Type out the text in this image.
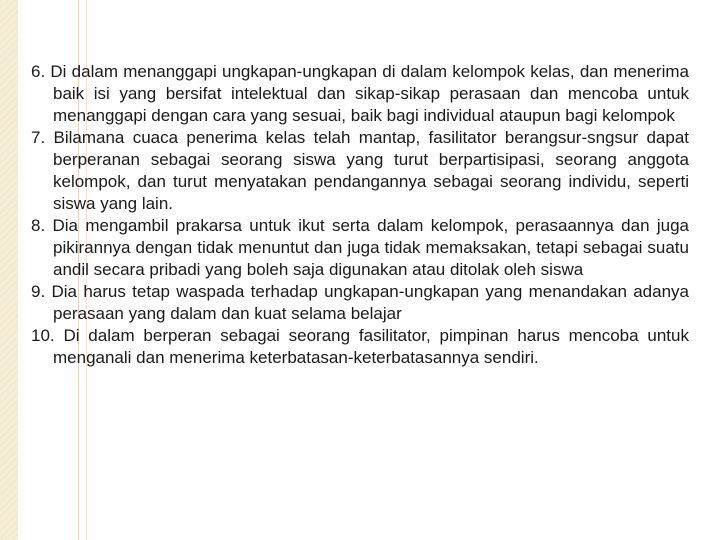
6. Di dalam menanggapi ungkapan-ungkapan di dalam kelompok kelas, dan menerima baik isi yang bersifat intelektual dan sikap-sikap perasaan dan mencoba untuk menanggapi dengan cara yang sesuai, baik bagi individual ataupun bagi kelompok

7. Bilamana cuaca penerima kelas telah mantap, fasilitator berangsur-sngsur dapat berperanan sebagai seorang siswa yang turut berpartisipasi, seorang anggota kelompok, dan turut menyatakan pendangannya sebagai seorang individu, seperti siswa yang lain.

8. Dia mengambil prakarsa untuk ikut serta dalam kelompok, perasaannya dan juga pikirannya dengan tidak menuntut dan juga tidak memaksakan, tetapi sebagai suatu andil secara pribadi yang boleh saja digunakan atau ditolak oleh siswa

9. Dia harus tetap waspada terhadap ungkapan-ungkapan yang menandakan adanya perasaan yang dalam dan kuat selama belajar

10. Di dalam berperan sebagai seorang fasilitator, pimpinan harus mencoba untuk menganali dan menerima keterbatasan-keterbatasannya sendiri.
